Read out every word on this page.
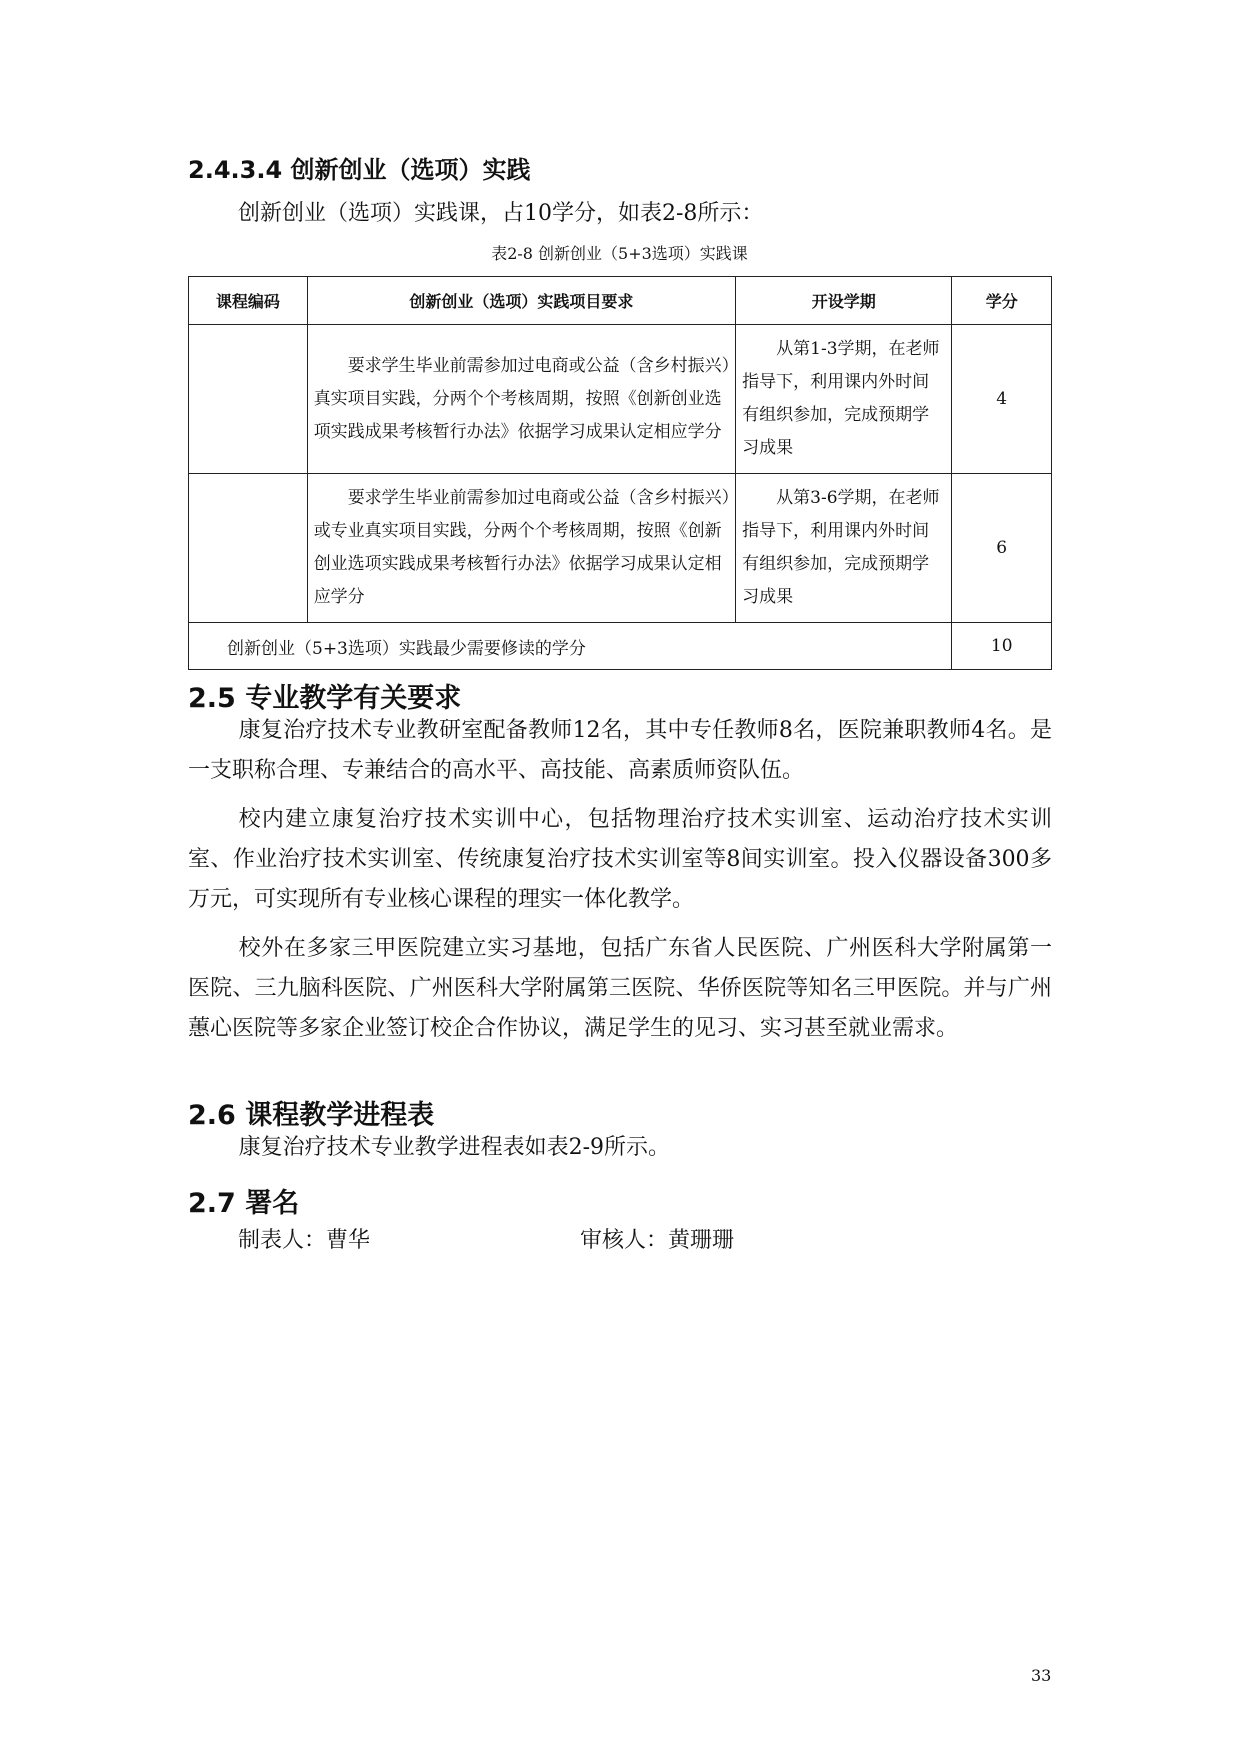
2.4.3.4 创新创业（选项）实践
创新创业（选项）实践课，占10学分，如表2-8所示：
表2-8 创新创业（5+3选项）实践课
课程编码	创新创业（选项）实践项目要求	开设学期	学分
	要求学生毕业前需参加过电商或公益（含乡村振兴）真实项目实践，分两个个考核周期，按照《创新创业选项实践成果考核暂行办法》依据学习成果认定相应学分	从第1-3学期，在老师指导下，利用课内外时间有组织参加，完成预期学习成果	4
	要求学生毕业前需参加过电商或公益（含乡村振兴）或专业真实项目实践，分两个个考核周期，按照《创新创业选项实践成果考核暂行办法》依据学习成果认定相应学分	从第3-6学期，在老师指导下，利用课内外时间有组织参加，完成预期学习成果	6
创新创业（5+3选项）实践最少需要修读的学分			10
2.5 专业教学有关要求

康复治疗技术专业教研室配备教师12名，其中专任教师8名，医院兼职教师4名。是一支职称合理、专兼结合的高水平、高技能、高素质师资队伍。

校内建立康复治疗技术实训中心，包括物理治疗技术实训室、运动治疗技术实训室、作业治疗技术实训室、传统康复治疗技术实训室等8间实训室。投入仪器设备300多万元，可实现所有专业核心课程的理实一体化教学。

校外在多家三甲医院建立实习基地，包括广东省人民医院、广州医科大学附属第一医院、三九脑科医院、广州医科大学附属第三医院、华侨医院等知名三甲医院。并与广州蕙心医院等多家企业签订校企合作协议，满足学生的见习、实习甚至就业需求。

2.6 课程教学进程表

康复治疗技术专业教学进程表如表2-9所示。

2.7 署名
制表人：曹华	审核人：黄珊珊
33
